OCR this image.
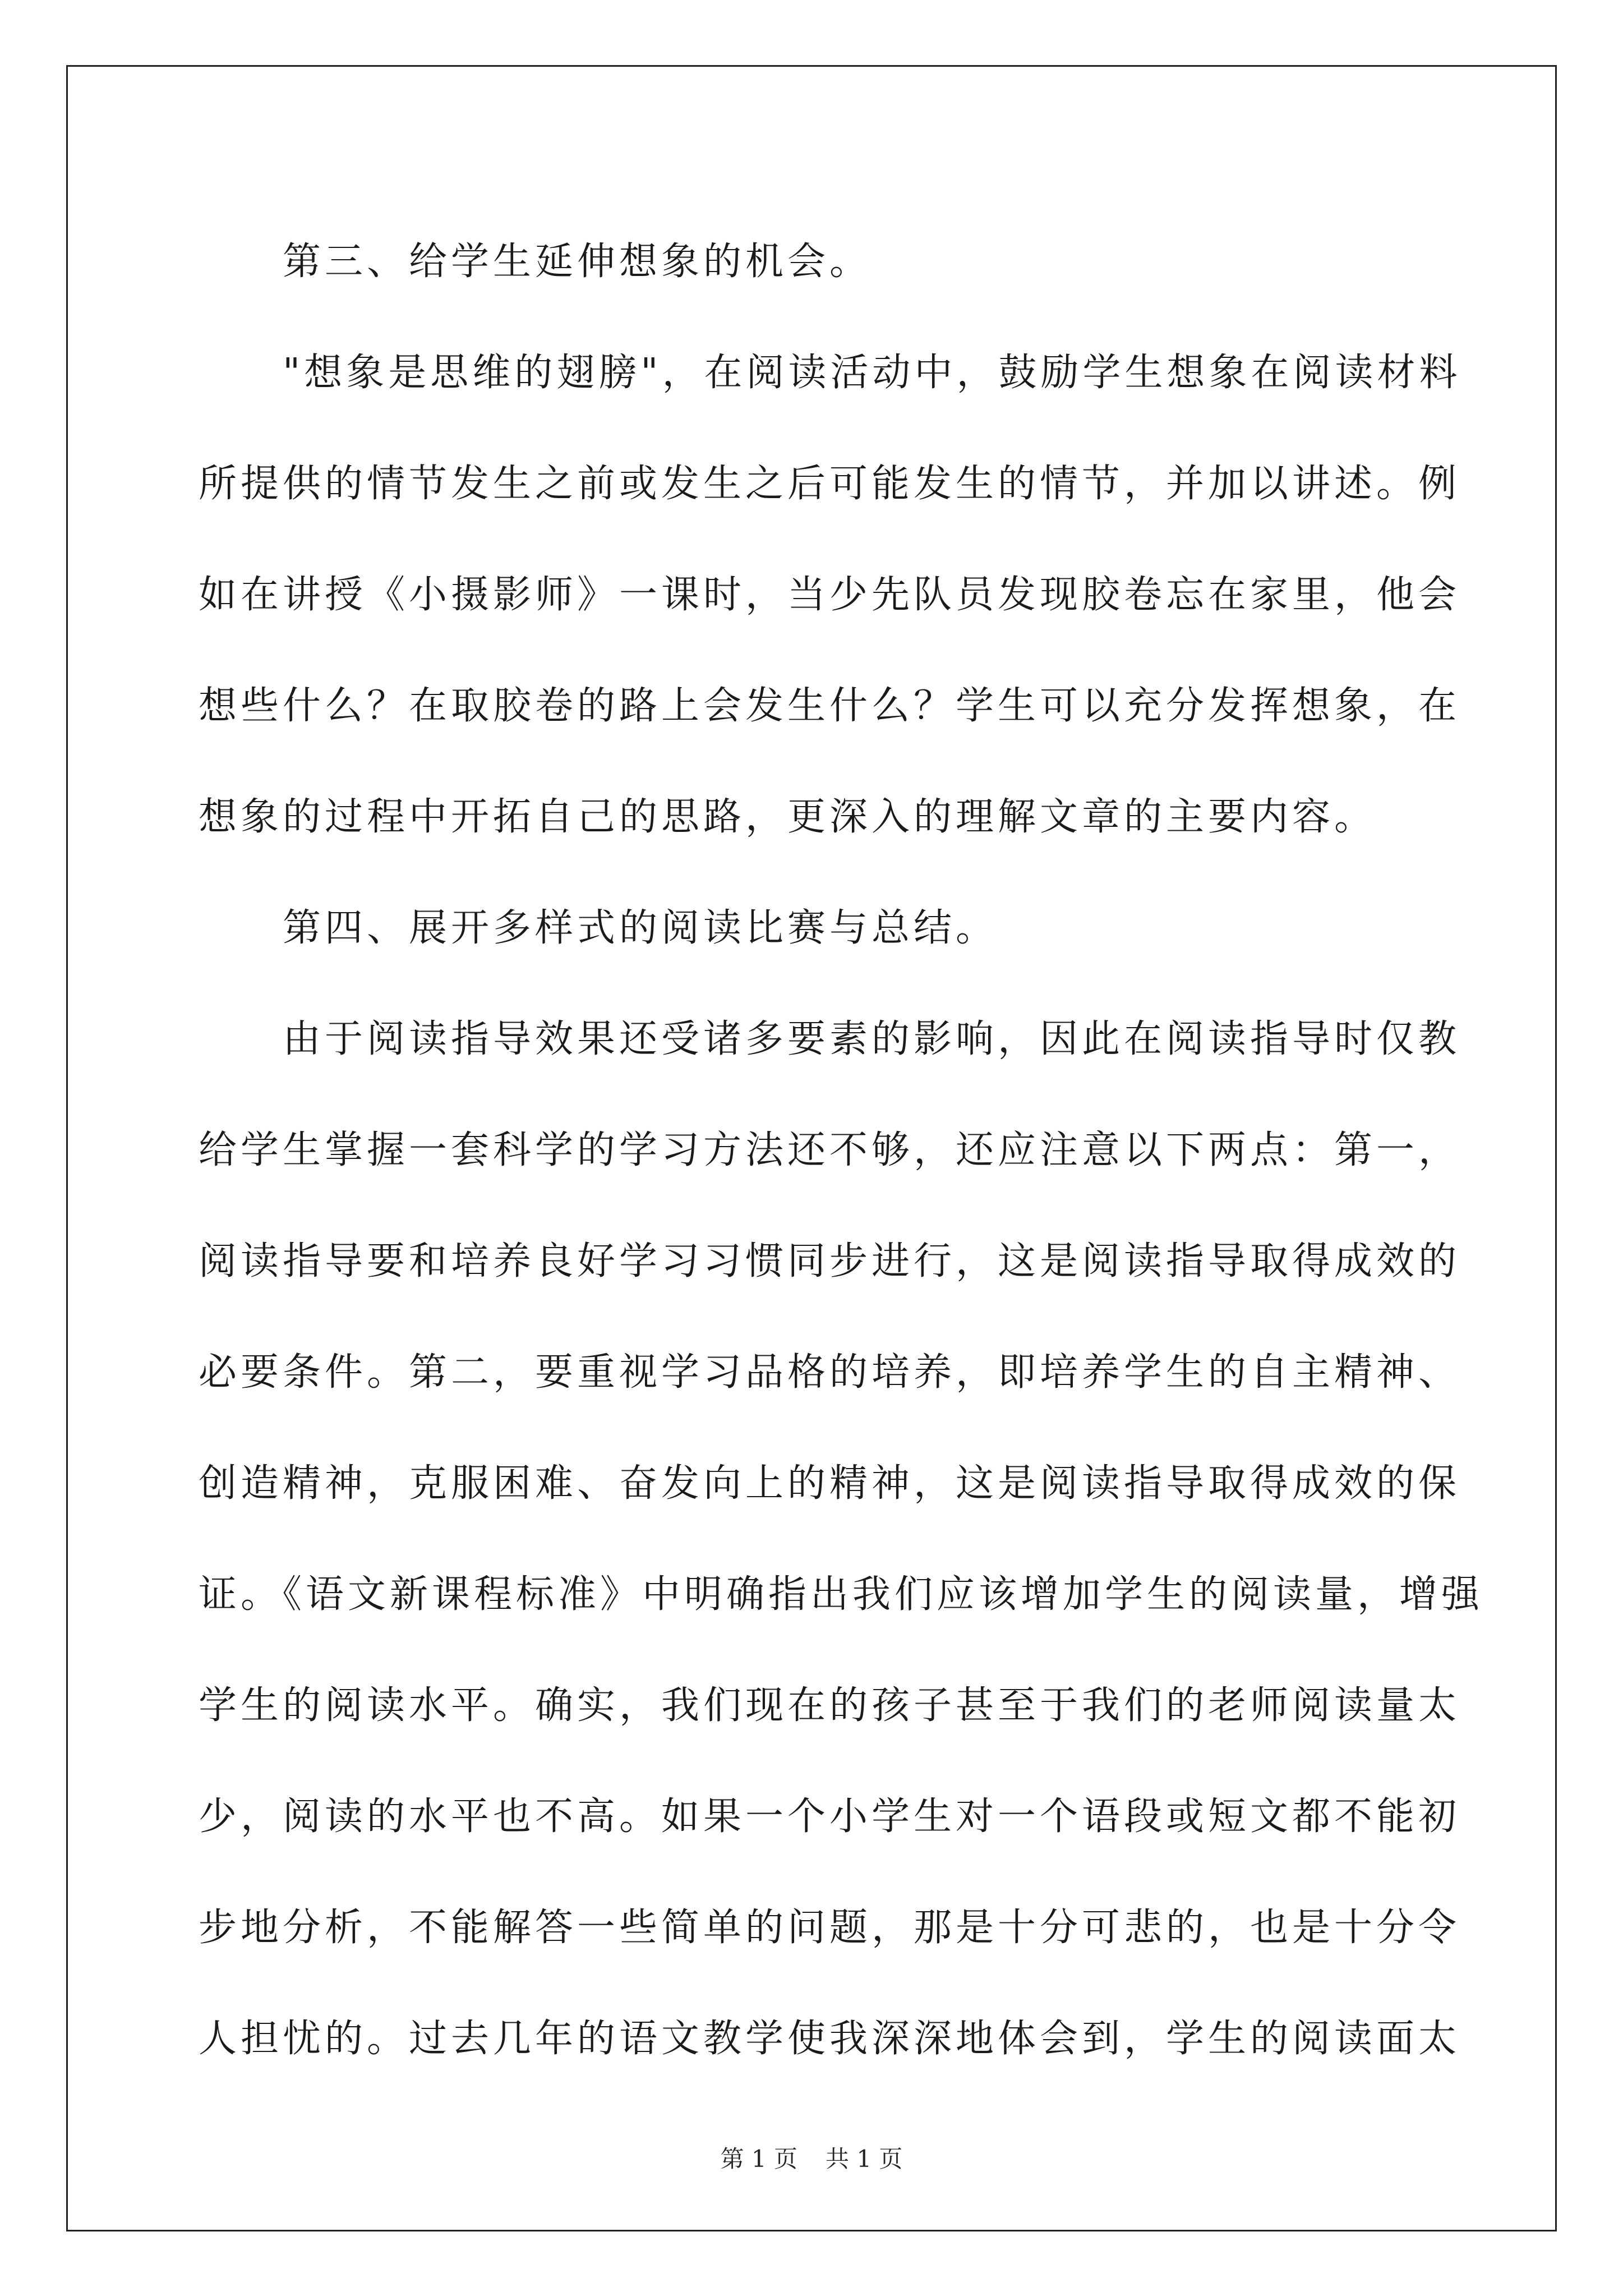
第三、给学生延伸想象的机会。
"想象是思维的翅膀"，在阅读活动中，鼓励学生想象在阅读材料
所提供的情节发生之前或发生之后可能发生的情节，并加以讲述。例
如在讲授《小摄影师》一课时，当少先队员发现胶卷忘在家里，他会
想些什么？在取胶卷的路上会发生什么？学生可以充分发挥想象，在
想象的过程中开拓自己的思路，更深入的理解文章的主要内容。
第四、展开多样式的阅读比赛与总结。
由于阅读指导效果还受诸多要素的影响，因此在阅读指导时仅教
给学生掌握一套科学的学习方法还不够，还应注意以下两点：第一，
阅读指导要和培养良好学习习惯同步进行，这是阅读指导取得成效的
必要条件。第二，要重视学习品格的培养，即培养学生的自主精神、
创造精神，克服困难、奋发向上的精神，这是阅读指导取得成效的保
证。《语文新课程标准》中明确指出我们应该增加学生的阅读量，增强
学生的阅读水平。确实，我们现在的孩子甚至于我们的老师阅读量太
少，阅读的水平也不高。如果一个小学生对一个语段或短文都不能初
步地分析，不能解答一些简单的问题，那是十分可悲的，也是十分令
人担忧的。过去几年的语文教学使我深深地体会到，学生的阅读面太
第 1 页 共 1 页
